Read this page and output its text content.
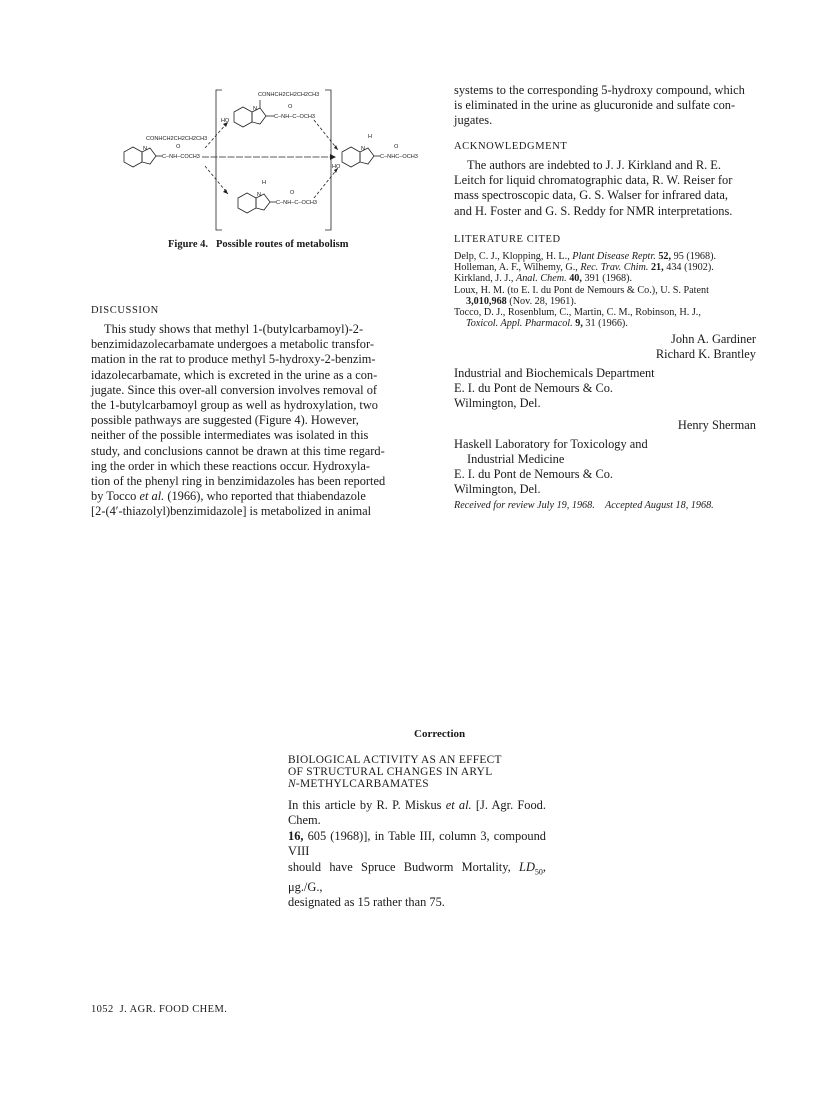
CONHCH2CH2CH2CH3
HO
C–NH–C–OCH3
O
N
CONHCH2CH2CH2CH3
C–NH–COCH3
O
N
H
HO
C–NHC–OCH3
O
N
H
C–NH–C–OCH3
O
N
Figure 4. Possible routes of metabolism
DISCUSSION
This study shows that methyl 1-(butylcarbamoyl)-2-
benzimidazolecarbamate undergoes a metabolic transfor-
mation in the rat to produce methyl 5-hydroxy-2-benzim-
idazolecarbamate, which is excreted in the urine as a con-
jugate. Since this over-all conversion involves removal of
the 1-butylcarbamoyl group as well as hydroxylation, two
possible pathways are suggested (Figure 4). However,
neither of the possible intermediates was isolated in this
study, and conclusions cannot be drawn at this time regard-
ing the order in which these reactions occur. Hydroxyla-
tion of the phenyl ring in benzimidazoles has been reported
by Tocco et al. (1966), who reported that thiabendazole
[2-(4′-thiazolyl)benzimidazole] is metabolized in animal
systems to the corresponding 5-hydroxy compound, which
is eliminated in the urine as glucuronide and sulfate con-
jugates.
ACKNOWLEDGMENT
The authors are indebted to J. J. Kirkland and R. E.
Leitch for liquid chromatographic data, R. W. Reiser for
mass spectroscopic data, G. S. Walser for infrared data,
and H. Foster and G. S. Reddy for NMR interpretations.
LITERATURE CITED
Delp, C. J., Klopping, H. L., Plant Disease Reptr. 52, 95 (1968).
Holleman, A. F., Wilhemy, G., Rec. Trav. Chim. 21, 434 (1902).
Kirkland, J. J., Anal. Chem. 40, 391 (1968).
Loux, H. M. (to E. I. du Pont de Nemours & Co.), U. S. Patent
3,010,968 (Nov. 28, 1961).
Tocco, D. J., Rosenblum, C., Martin, C. M., Robinson, H. J.,
Toxicol. Appl. Pharmacol. 9, 31 (1966).
John A. Gardiner
Richard K. Brantley
Industrial and Biochemicals Department
E. I. du Pont de Nemours & Co.
Wilmington, Del.
Henry Sherman
Haskell Laboratory for Toxicology and
Industrial Medicine
E. I. du Pont de Nemours & Co.
Wilmington, Del.
Received for review July 19, 1968. Accepted August 18, 1968.
Correction
BIOLOGICAL ACTIVITY AS AN EFFECT
OF STRUCTURAL CHANGES IN ARYL
N-METHYLCARBAMATES
In this article by R. P. Miskus et al. [J. Agr. Food. Chem.
16, 605 (1968)], in Table III, column 3, compound VIII
should have Spruce Budworm Mortality, $LD_{50}$, μg./G.,
designated as 15 rather than 75.
1052 J. AGR. FOOD CHEM.
